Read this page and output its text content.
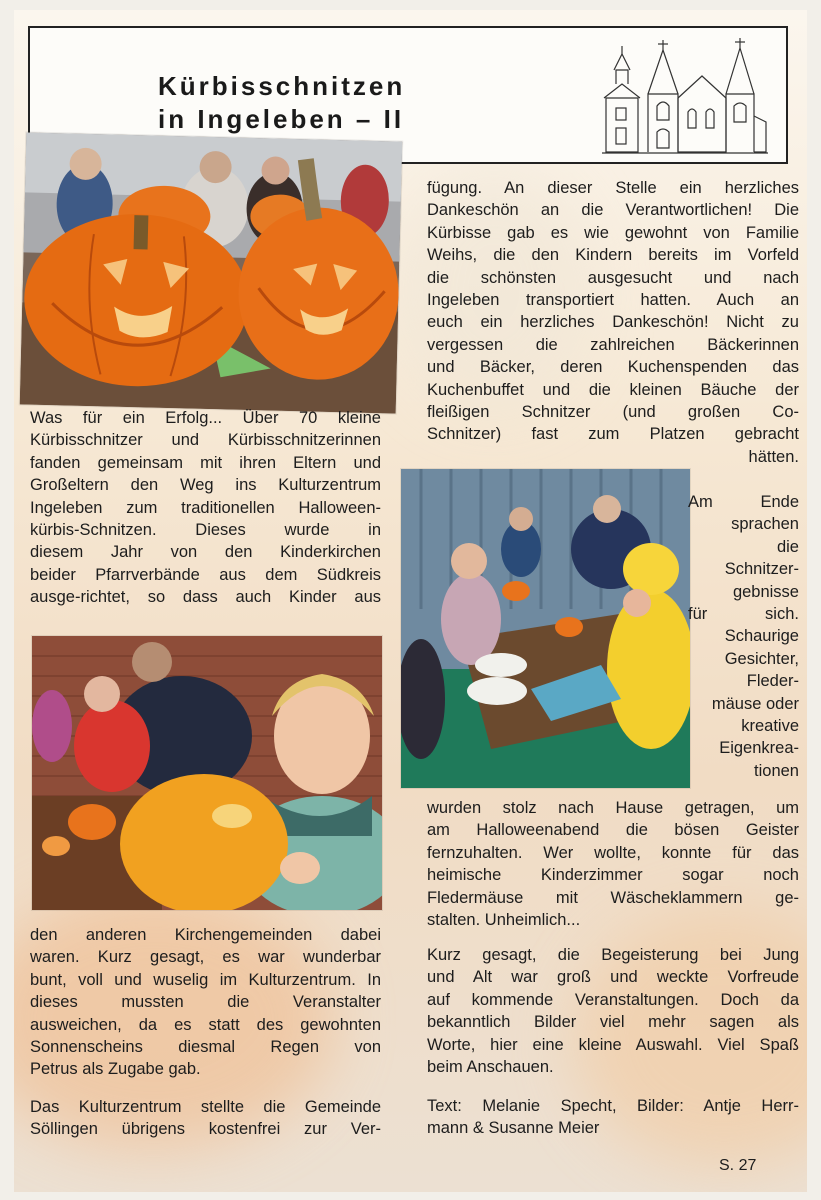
Kürbisschnitzen
in Ingeleben – II

Was für ein Erfolg... Über 70 kleine

Kürbisschnitzer und Kürbisschnitzerinnen

fanden gemeinsam mit ihren Eltern und

Großeltern den Weg ins Kulturzentrum

Ingeleben zum traditionellen Halloween-

kürbis-Schnitzen. Dieses wurde in

diesem Jahr von den Kinderkirchen

beider Pfarrverbände aus dem Südkreis

ausge-richtet, so dass auch Kinder aus

den anderen Kirchengemeinden dabei

waren. Kurz gesagt, es war wunderbar

bunt, voll und wuselig im Kulturzentrum. In

dieses mussten die Veranstalter

ausweichen, da es statt des gewohnten

Sonnenscheins diesmal Regen von

Petrus als Zugabe gab.

Das Kulturzentrum stellte die Gemeinde

Söllingen übrigens kostenfrei zur Ver-

fügung. An dieser Stelle ein herzliches

Dankeschön an die Verantwortlichen! Die

Kürbisse gab es wie gewohnt von Familie

Weihs, die den Kindern bereits im Vorfeld

die schönsten ausgesucht und nach

Ingeleben transportiert hatten. Auch an

euch ein herzliches Dankeschön! Nicht zu

vergessen die zahlreichen Bäckerinnen

und Bäcker, deren Kuchenspenden das

Kuchenbuffet und die kleinen Bäuche der

fleißigen Schnitzer (und großen Co-

Schnitzer) fast zum Platzen gebracht

hätten.

Am Ende

sprachen

die

Schnitzer-

gebnisse

für sich.

Schaurige

Gesichter,

Fleder-

mäuse oder

kreative

Eigenkrea-

tionen

wurden stolz nach Hause getragen, um

am Halloweenabend die bösen Geister

fernzuhalten. Wer wollte, konnte für das

heimische Kinderzimmer sogar noch

Fledermäuse mit Wäscheklammern ge-

stalten. Unheimlich...

Kurz gesagt, die Begeisterung bei Jung

und Alt war groß und weckte Vorfreude

auf kommende Veranstaltungen. Doch da

bekanntlich Bilder viel mehr sagen als

Worte, hier eine kleine Auswahl. Viel Spaß

beim Anschauen.

Text: Melanie Specht, Bilder: Antje Herr-

mann & Susanne Meier

S. 27
